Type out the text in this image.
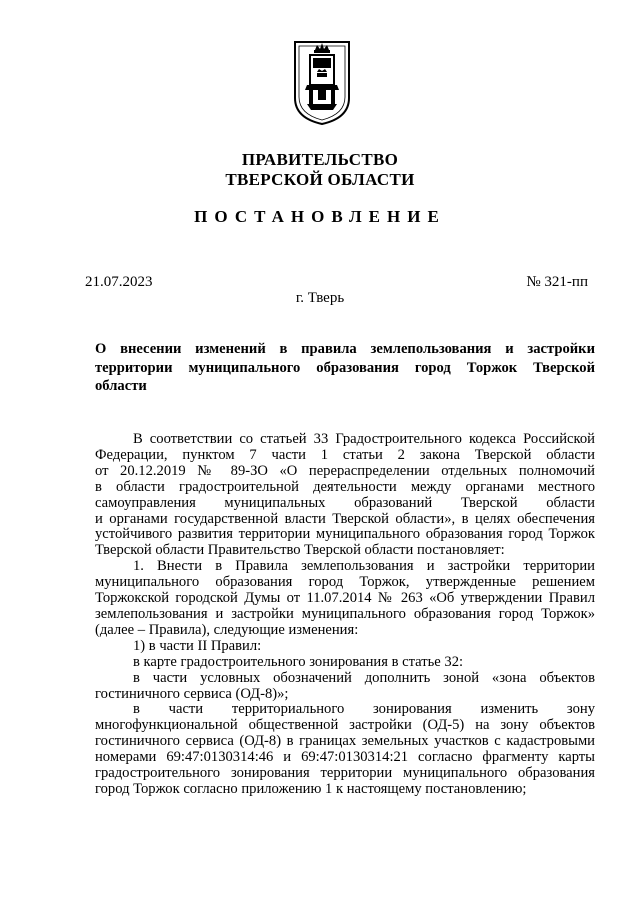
ПРАВИТЕЛЬСТВО
ТВЕРСКОЙ ОБЛАСТИ
ПОСТАНОВЛЕНИЕ
21.07.2023	№ 321-пп
г. Тверь
О внесении изменений в правила землепользования и застройки
территории муниципального образования город Торжок Тверской
области
В соответствии со статьей 33 Градостроительного кодекса Российской
Федерации, пунктом 7 части 1 статьи 2 закона Тверской области
от 20.12.2019 № 89-ЗО «О перераспределении отдельных полномочий
в области градостроительной деятельности между органами местного
самоуправления муниципальных образований Тверской области
и органами государственной власти Тверской области», в целях обеспечения
устойчивого развития территории муниципального образования город Торжок
Тверской области Правительство Тверской области постановляет:
1. Внести в Правила землепользования и застройки территории
муниципального образования город Торжок, утвержденные решением
Торжокской городской Думы от 11.07.2014 № 263 «Об утверждении Правил
землепользования и застройки муниципального образования город Торжок»
(далее – Правила), следующие изменения:
1) в части II Правил:
в карте градостроительного зонирования в статье 32:
в части условных обозначений дополнить зоной «зона объектов
гостиничного сервиса (ОД-8)»;
в части территориального зонирования изменить зону
многофункциональной общественной застройки (ОД-5) на зону объектов
гостиничного сервиса (ОД-8) в границах земельных участков с кадастровыми
номерами 69:47:0130314:46 и 69:47:0130314:21 согласно фрагменту карты
градостроительного зонирования территории муниципального образования
город Торжок согласно приложению 1 к настоящему постановлению;
